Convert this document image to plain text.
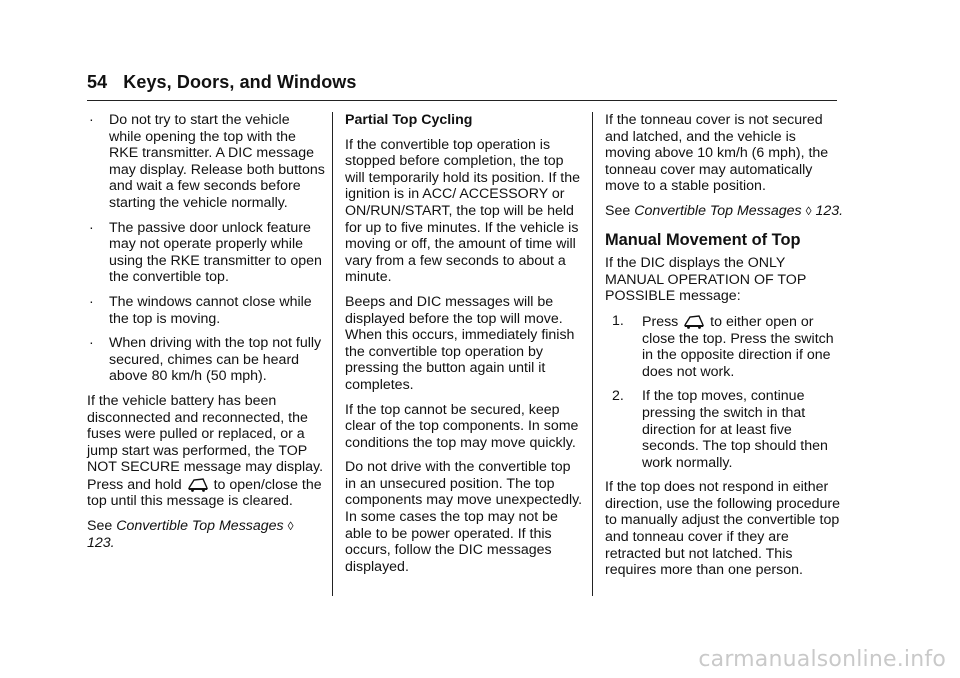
54 Keys, Doors, and Windows
·	Do not try to start the vehicle while opening the top with the RKE transmitter. A DIC message may display. Release both buttons and wait a few seconds before starting the vehicle normally.
·	The passive door unlock feature may not operate properly while using the RKE transmitter to open the convertible top.
·	The windows cannot close while the top is moving.
·	When driving with the top not fully secured, chimes can be heard above 80 km/h (50 mph).

If the vehicle battery has been disconnected and reconnected, the fuses were pulled or replaced, or a jump start was performed, the TOP NOT SECURE message may display. Press and hold to open/close the top until this message is cleared.

See Convertible Top Messages ◊ 123.

Partial Top Cycling

If the convertible top operation is stopped before completion, the top will temporarily hold its position. If the ignition is in ACC/ ACCESSORY or ON/RUN/START, the top will be held for up to five minutes. If the vehicle is moving or off, the amount of time will vary from a few seconds to about a minute.

Beeps and DIC messages will be displayed before the top will move. When this occurs, immediately finish the convertible top operation by pressing the button again until it completes.

If the top cannot be secured, keep clear of the top components. In some conditions the top may move quickly.

Do not drive with the convertible top in an unsecured position. The top components may move unexpectedly. In some cases the top may not be able to be power operated. If this occurs, follow the DIC messages displayed.

If the tonneau cover is not secured and latched, and the vehicle is moving above 10 km/h (6 mph), the tonneau cover may automatically move to a stable position.

See Convertible Top Messages ◊ 123.

Manual Movement of Top

If the DIC displays the ONLY MANUAL OPERATION OF TOP POSSIBLE message:

1.	Press to either open or close the top. Press the switch in the opposite direction if one does not work.
2.	If the top moves, continue pressing the switch in that direction for at least five seconds. The top should then work normally.

If the top does not respond in either direction, use the following procedure to manually adjust the convertible top and tonneau cover if they are retracted but not latched. This requires more than one person.

carmanualsonline.info
